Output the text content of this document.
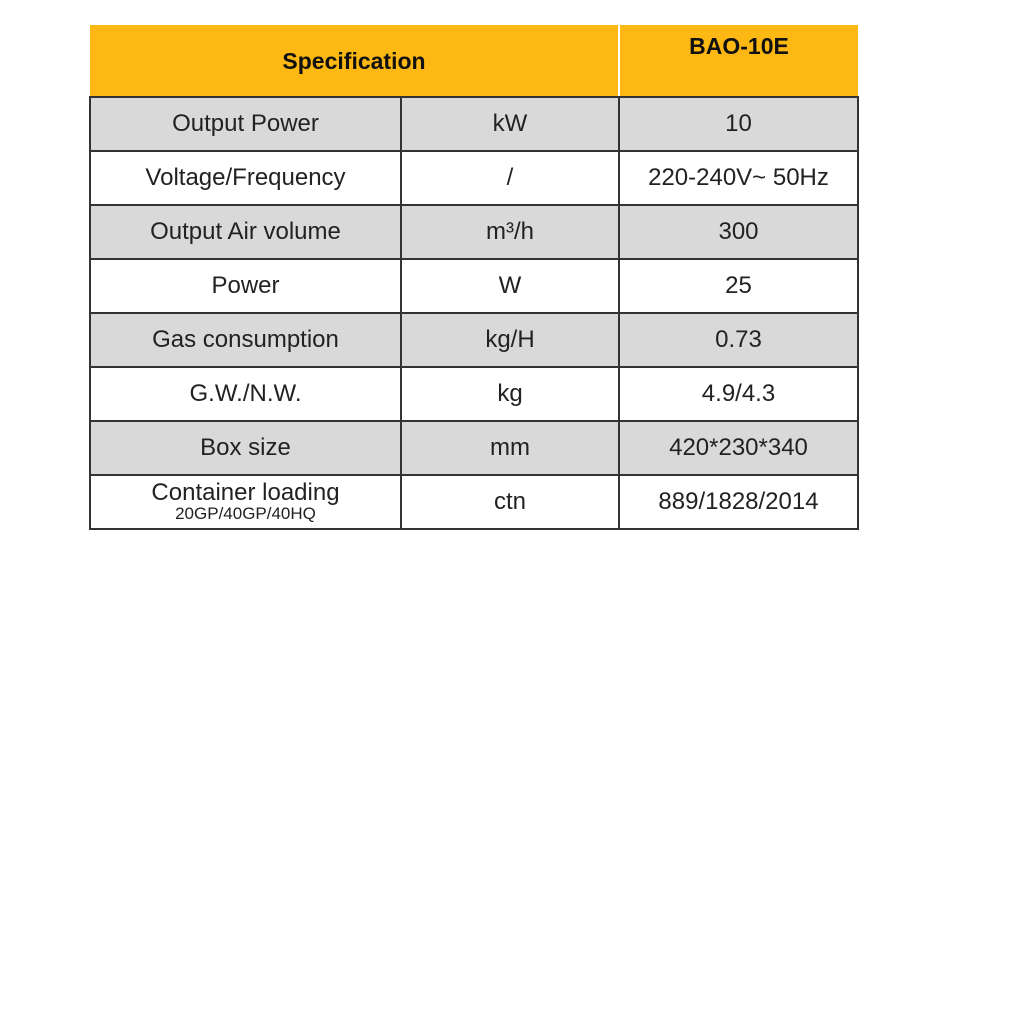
Specification		BAO-10E
Output Power	kW	10
Voltage/Frequency	/	220-240V~ 50Hz
Output Air volume	m³/h	300
Power	W	25
Gas consumption	kg/H	0.73
G.W./N.W.	kg	4.9/4.3
Box size	mm	420*230*340

Container loading
20GP/40GP/40HQ	ctn	889/1828/2014
